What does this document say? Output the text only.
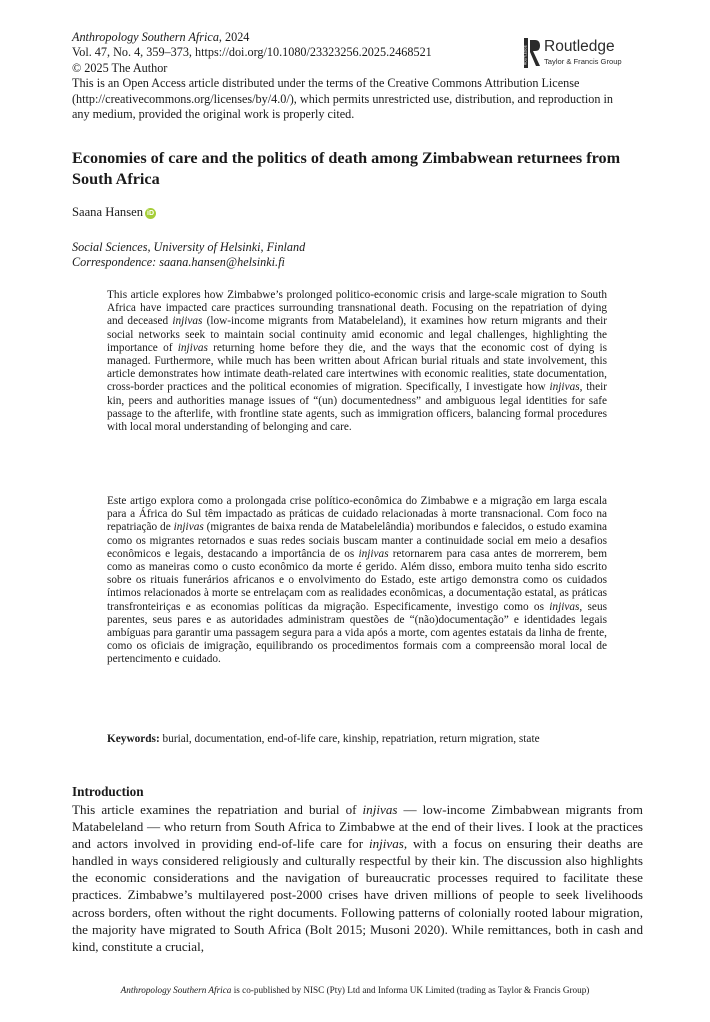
Anthropology Southern Africa, 2024
Vol. 47, No. 4, 359–373, https://doi.org/10.1080/23323256.2025.2468521
© 2025 The Author
This is an Open Access article distributed under the terms of the Creative Commons Attribution License (http://creativecommons.org/licenses/by/4.0/), which permits unrestricted use, distribution, and reproduction in any medium, provided the original work is properly cited.
ROUTLEDGE Routledge
Taylor & Francis Group
Economies of care and the politics of death among Zimbabwean returnees from South Africa
Saana Hansen iD
Social Sciences, University of Helsinki, Finland
Correspondence: saana.hansen@helsinki.fi

This article explores how Zimbabwe’s prolonged politico-economic crisis and large-scale migration to South Africa have impacted care practices surrounding transnational death. Focusing on the repatriation of dying and deceased injivas (low-income migrants from Matabeleland), it examines how return migrants and their social networks seek to maintain social continuity amid economic and legal challenges, highlighting the importance of injivas returning home before they die, and the ways that the economic cost of dying is managed. Furthermore, while much has been written about African burial rituals and state involvement, this article demonstrates how intimate death-related care intertwines with economic realities, state documentation, cross-border practices and the political economies of migration. Specifically, I investigate how injivas, their kin, peers and authorities manage issues of “(un) documentedness” and ambiguous legal identities for safe passage to the afterlife, with frontline state agents, such as immigration officers, balancing formal procedures with local moral understanding of belonging and care.

Este artigo explora como a prolongada crise político-econômica do Zimbabwe e a migração em larga escala para a África do Sul têm impactado as práticas de cuidado relacionadas à morte transnacional. Com foco na repatriação de injivas (migrantes de baixa renda de Matabelelândia) moribundos e falecidos, o estudo examina como os migrantes retornados e suas redes sociais buscam manter a continuidade social em meio a desafios econômicos e legais, destacando a importância de os injivas retornarem para casa antes de morrerem, bem como as maneiras como o custo econômico da morte é gerido. Além disso, embora muito tenha sido escrito sobre os rituais funerários africanos e o envolvimento do Estado, este artigo demonstra como os cuidados íntimos relacionados à morte se entrelaçam com as realidades econômicas, a documentação estatal, as práticas transfronteiriças e as economias políticas da migração. Especificamente, investigo como os injivas, seus parentes, seus pares e as autoridades administram questões de “(não)documentação” e identidades legais ambíguas para garantir uma passagem segura para a vida após a morte, com agentes estatais da linha de frente, como os oficiais de imigração, equilibrando os procedimentos formais com a compreensão moral local de pertencimento e cuidado.

Keywords: burial, documentation, end-of-life care, kinship, repatriation, return migration, state
Introduction

This article examines the repatriation and burial of injivas — low-income Zimbabwean migrants from Matabeleland — who return from South Africa to Zimbabwe at the end of their lives. I look at the practices and actors involved in providing end-of-life care for injivas, with a focus on ensuring their deaths are handled in ways considered religiously and culturally respectful by their kin. The discussion also highlights the economic considerations and the navigation of bureaucratic processes required to facilitate these practices. Zimbabwe’s multilayered post-2000 crises have driven millions of people to seek livelihoods across borders, often without the right documents. Following patterns of colonially rooted labour migration, the majority have migrated to South Africa (Bolt 2015; Musoni 2020). While remittances, both in cash and kind, constitute a crucial,

Anthropology Southern Africa is co-published by NISC (Pty) Ltd and Informa UK Limited (trading as Taylor & Francis Group)
